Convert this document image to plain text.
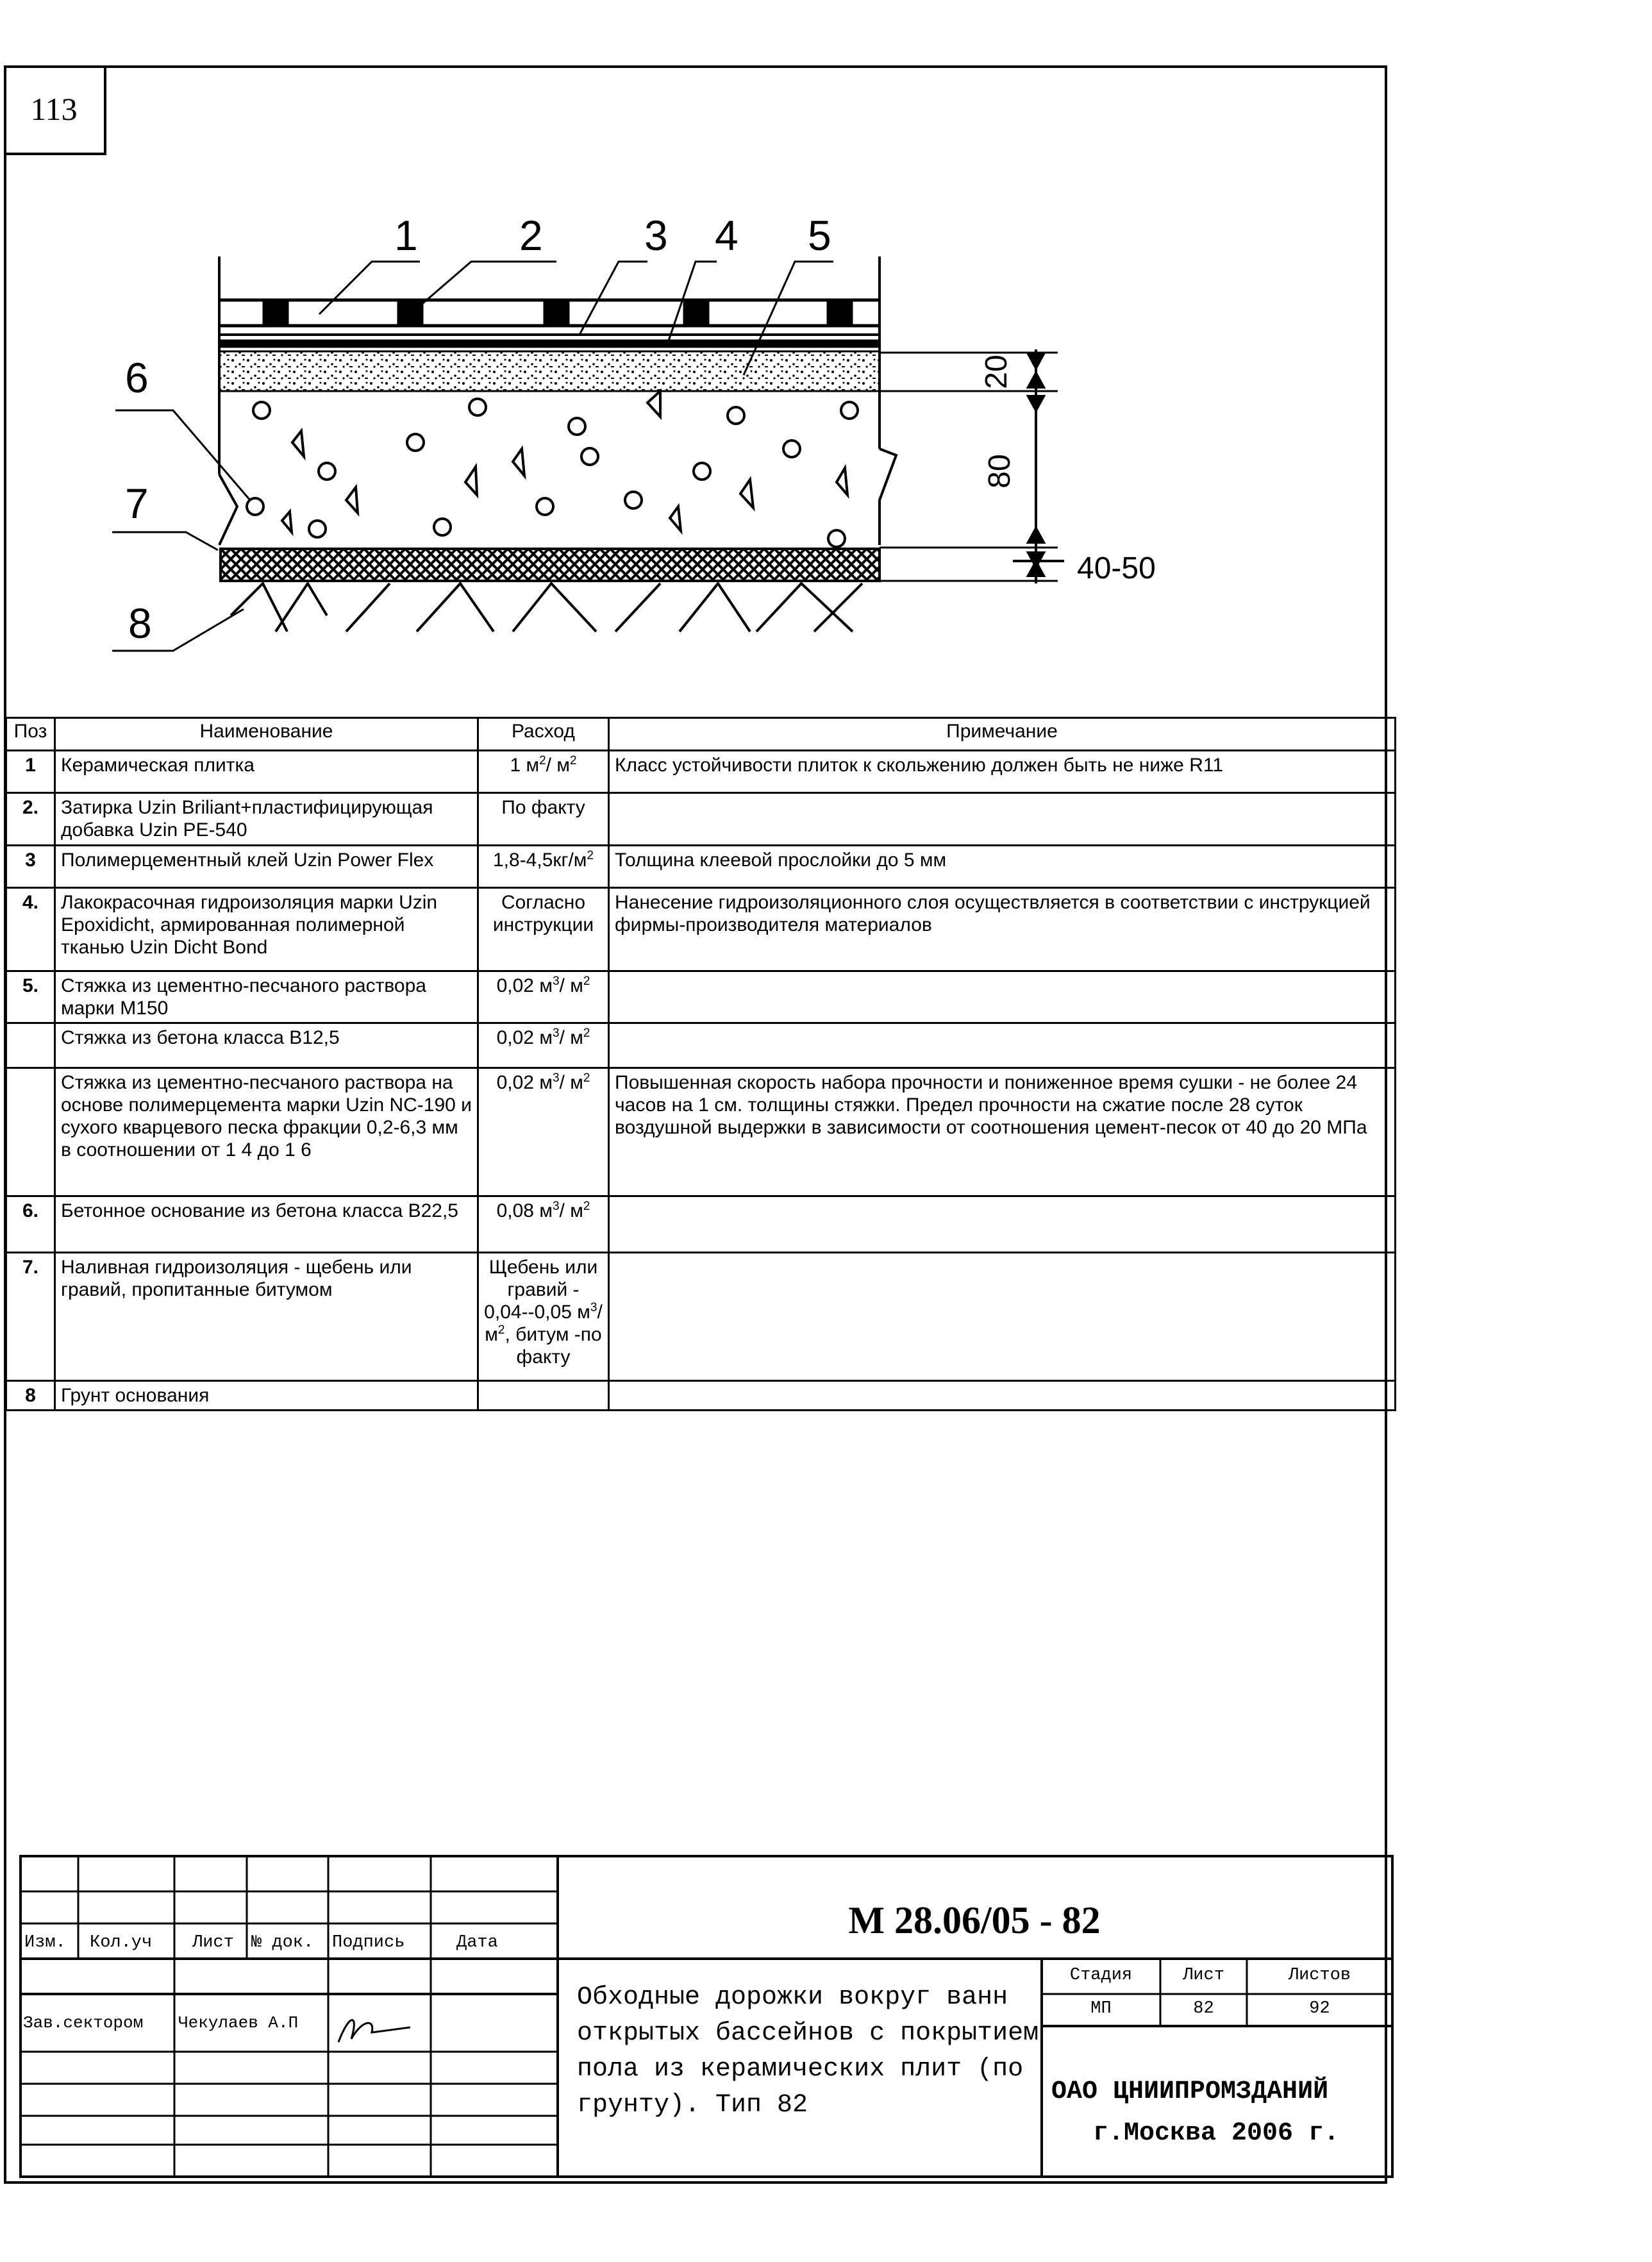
113
20
80
40-50
1 2 3 4 5
6
7
8
Поз	Наименование	Расход	Примечание
1	Керамическая плитка	1 $м^2/$ $м^2$	Класс устойчивости плиток к скольжению должен быть не ниже R11
2.	Затирка Uzin Briliant+пластифицирующая добавка Uzin PE-540	По факту	
3	Полимерцементный клей Uzin Power Flex	$1,8-4,5кг/м^2$	Толщина клеевой прослойки до 5 мм
4.	Лакокрасочная гидроизоляция марки Uzin Epoxidicht, армированная полимерной тканью Uzin Dicht Bond	Согласно инструкции	Нанесение гидроизоляционного слоя осуществляется в соответствии с инструкцией фирмы-производителя материалов
5.	Стяжка из цементно-песчаного раствора марки М150	0,02 $м^3/$ $м^2$	
	Стяжка из бетона класса В12,5	0,02 $м^3/$ $м^2$	
	Стяжка из цементно-песчаного раствора на основе полимерцемента марки Uzin NC-190 и сухого кварцевого песка фракции 0,2-6,3 мм в соотношении от 1 4 до 1 6	0,02 $м^3/$ $м^2$	Повышенная скорость набора прочности и пониженное время сушки - не более 24 часов на 1 см. толщины стяжки. Предел прочности на сжатие после 28 суток воздушной выдержки в зависимости от соотношения цемент-песок от 40 до 20 МПа
6.	Бетонное основание из бетона класса В22,5	0,08 $м^3/$ $м^2$	
7.	Наливная гидроизоляция - щебень или гравий, пропитанные битумом	Щебень или гравий - 0,04--0,05 $м^3/м^2$, битум -по факту	
8	Грунт основания		
Изм. Кол.уч Лист № док. Подпись	Дата
Зав.сектором Чекулаев А.П
М 28.06/05 - 82
Обходные дорожки вокруг ванн открытых бассейнов с покрытием пола из керамических плит (по грунту). Тип 82
Стадия	Лист	Листов
МП	82	92
ОАО ЦНИИПРОМЗДАНИЙ
г.Москва 2006 г.
